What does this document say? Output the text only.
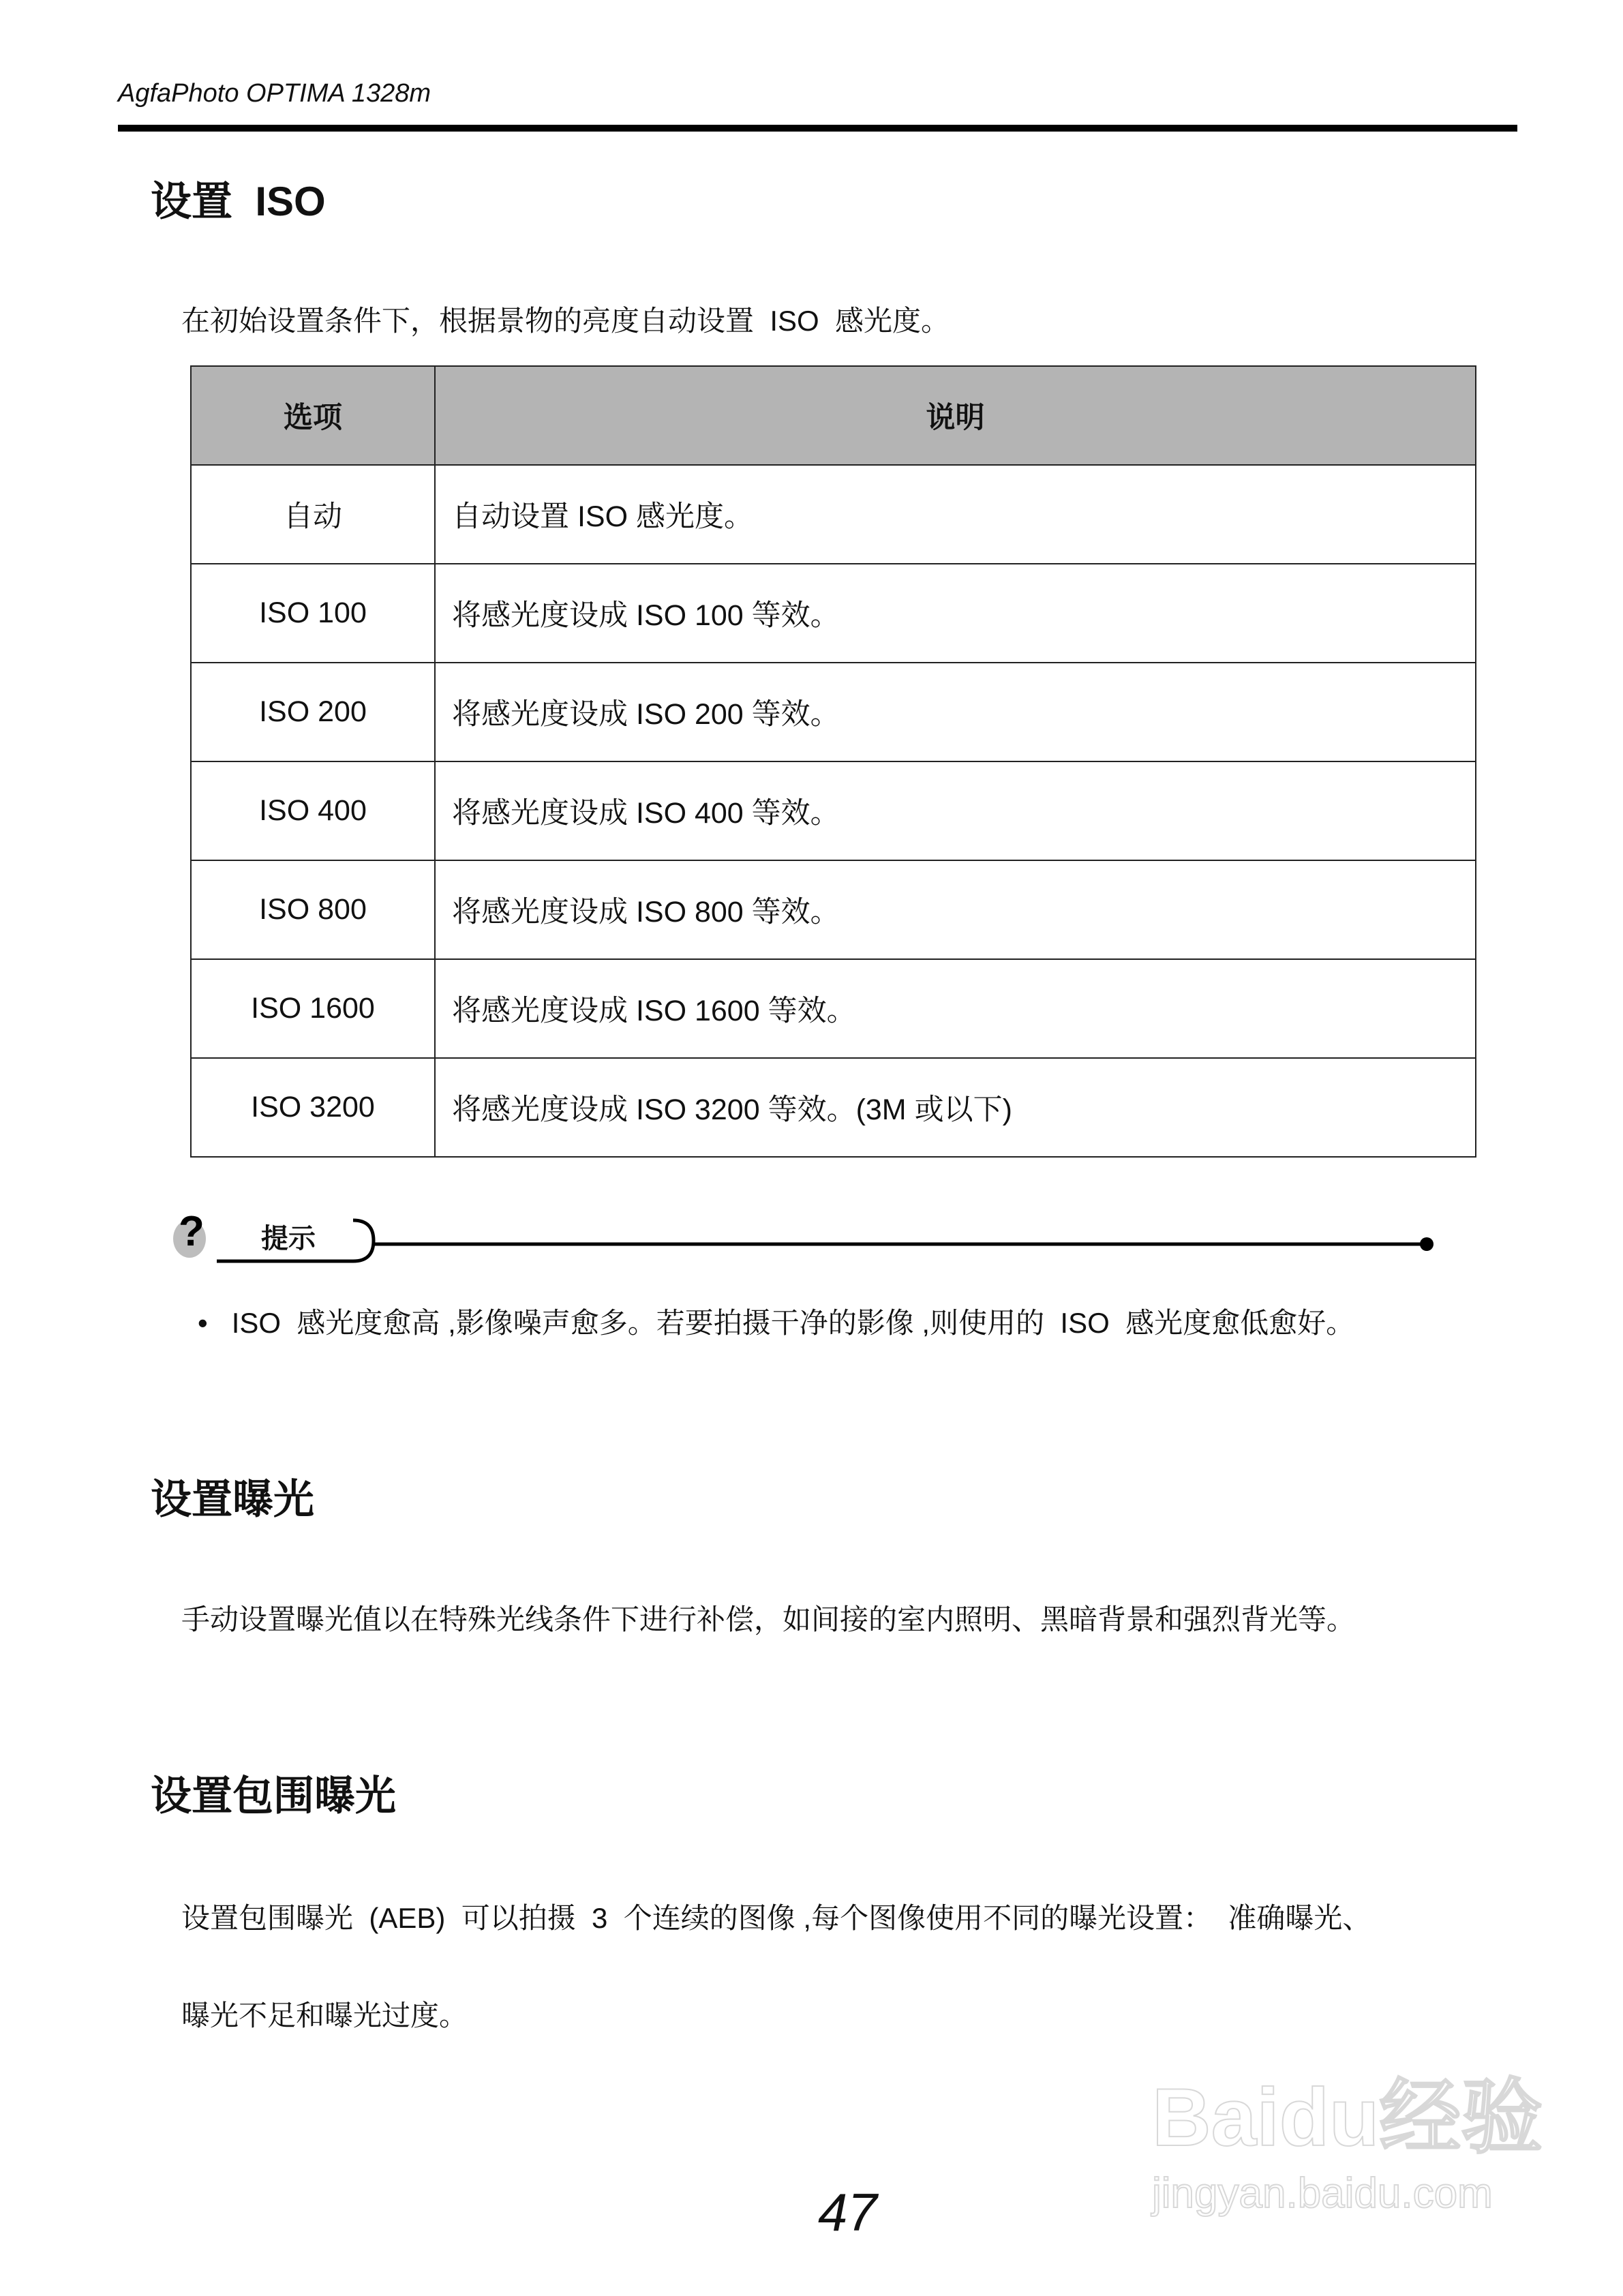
AgfaPhoto OPTIMA 1328m
设置  ISO
在初始设置条件下，根据景物的亮度自动设置  ISO  感光度。
选项	说明
自动	自动设置 ISO 感光度。
ISO 100	将感光度设成 ISO 100 等效。
ISO 200	将感光度设成 ISO 200 等效。
ISO 400	将感光度设成 ISO 400 等效。
ISO 800	将感光度设成 ISO 800 等效。
ISO 1600	将感光度设成 ISO 1600 等效。
ISO 3200	将感光度设成 ISO 3200 等效。(3M 或以下)
? 提示
•   ISO  感光度愈高 ,影像噪声愈多。若要拍摄干净的影像 ,则使用的  ISO  感光度愈低愈好。
设置曝光
手动设置曝光值以在特殊光线条件下进行补偿，如间接的室内照明、黑暗背景和强烈背光等。
设置包围曝光
设置包围曝光  (AEB)  可以拍摄  3  个连续的图像 ,每个图像使用不同的曝光设置：  准确曝光、
曝光不足和曝光过度。
47
Baidu经验
jingyan.baidu.com
